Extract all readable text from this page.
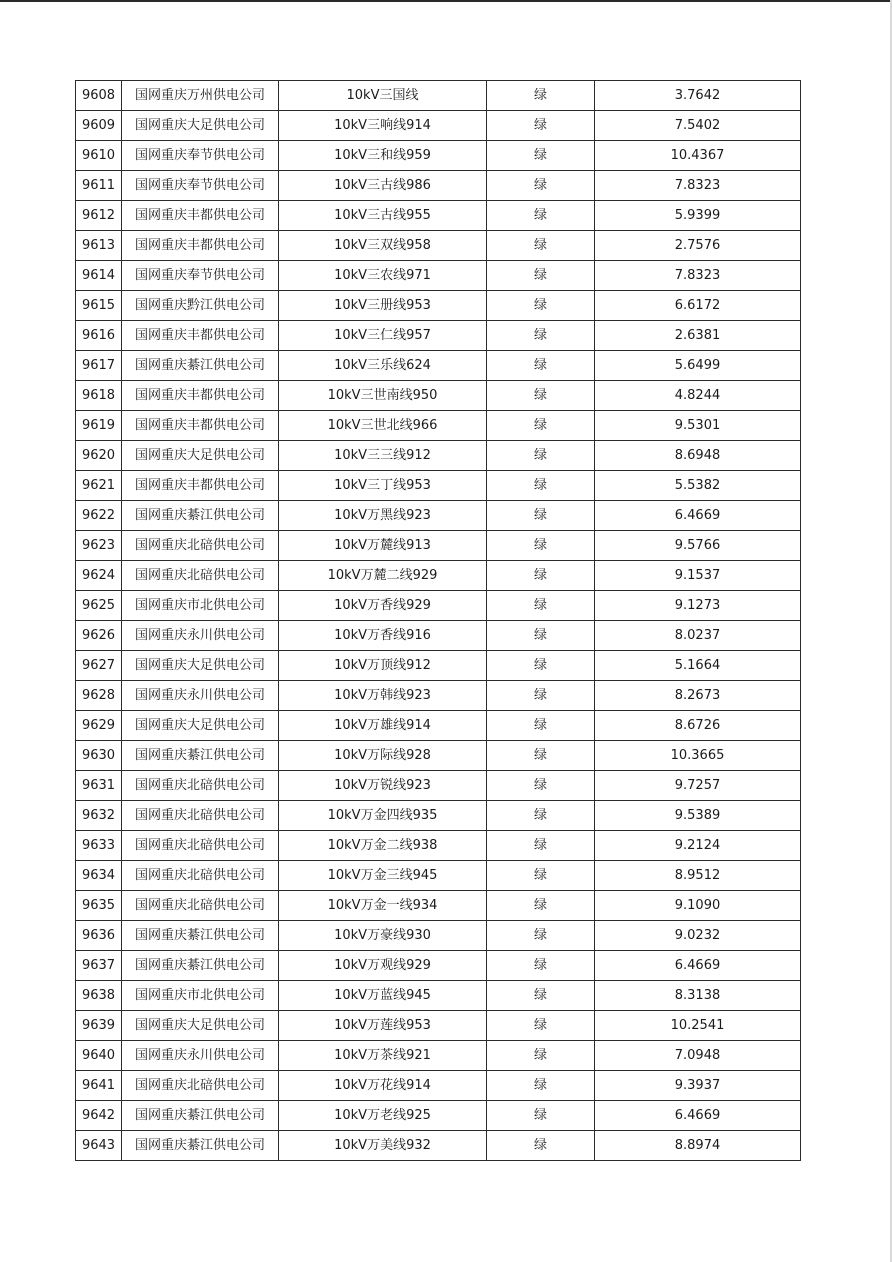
9608	国网重庆万州供电公司	10kV三国线	绿	3.7642
9609	国网重庆大足供电公司	10kV三响线914	绿	7.5402
9610	国网重庆奉节供电公司	10kV三和线959	绿	10.4367
9611	国网重庆奉节供电公司	10kV三古线986	绿	7.8323
9612	国网重庆丰都供电公司	10kV三古线955	绿	5.9399
9613	国网重庆丰都供电公司	10kV三双线958	绿	2.7576
9614	国网重庆奉节供电公司	10kV三农线971	绿	7.8323
9615	国网重庆黔江供电公司	10kV三册线953	绿	6.6172
9616	国网重庆丰都供电公司	10kV三仁线957	绿	2.6381
9617	国网重庆綦江供电公司	10kV三乐线624	绿	5.6499
9618	国网重庆丰都供电公司	10kV三世南线950	绿	4.8244
9619	国网重庆丰都供电公司	10kV三世北线966	绿	9.5301
9620	国网重庆大足供电公司	10kV三三线912	绿	8.6948
9621	国网重庆丰都供电公司	10kV三丁线953	绿	5.5382
9622	国网重庆綦江供电公司	10kV万黑线923	绿	6.4669
9623	国网重庆北碚供电公司	10kV万麓线913	绿	9.5766
9624	国网重庆北碚供电公司	10kV万麓二线929	绿	9.1537
9625	国网重庆市北供电公司	10kV万香线929	绿	9.1273
9626	国网重庆永川供电公司	10kV万香线916	绿	8.0237
9627	国网重庆大足供电公司	10kV万顶线912	绿	5.1664
9628	国网重庆永川供电公司	10kV万韩线923	绿	8.2673
9629	国网重庆大足供电公司	10kV万雄线914	绿	8.6726
9630	国网重庆綦江供电公司	10kV万际线928	绿	10.3665
9631	国网重庆北碚供电公司	10kV万锐线923	绿	9.7257
9632	国网重庆北碚供电公司	10kV万金四线935	绿	9.5389
9633	国网重庆北碚供电公司	10kV万金二线938	绿	9.2124
9634	国网重庆北碚供电公司	10kV万金三线945	绿	8.9512
9635	国网重庆北碚供电公司	10kV万金一线934	绿	9.1090
9636	国网重庆綦江供电公司	10kV万豪线930	绿	9.0232
9637	国网重庆綦江供电公司	10kV万观线929	绿	6.4669
9638	国网重庆市北供电公司	10kV万蓝线945	绿	8.3138
9639	国网重庆大足供电公司	10kV万莲线953	绿	10.2541
9640	国网重庆永川供电公司	10kV万茶线921	绿	7.0948
9641	国网重庆北碚供电公司	10kV万花线914	绿	9.3937
9642	国网重庆綦江供电公司	10kV万老线925	绿	6.4669
9643	国网重庆綦江供电公司	10kV万美线932	绿	8.8974
